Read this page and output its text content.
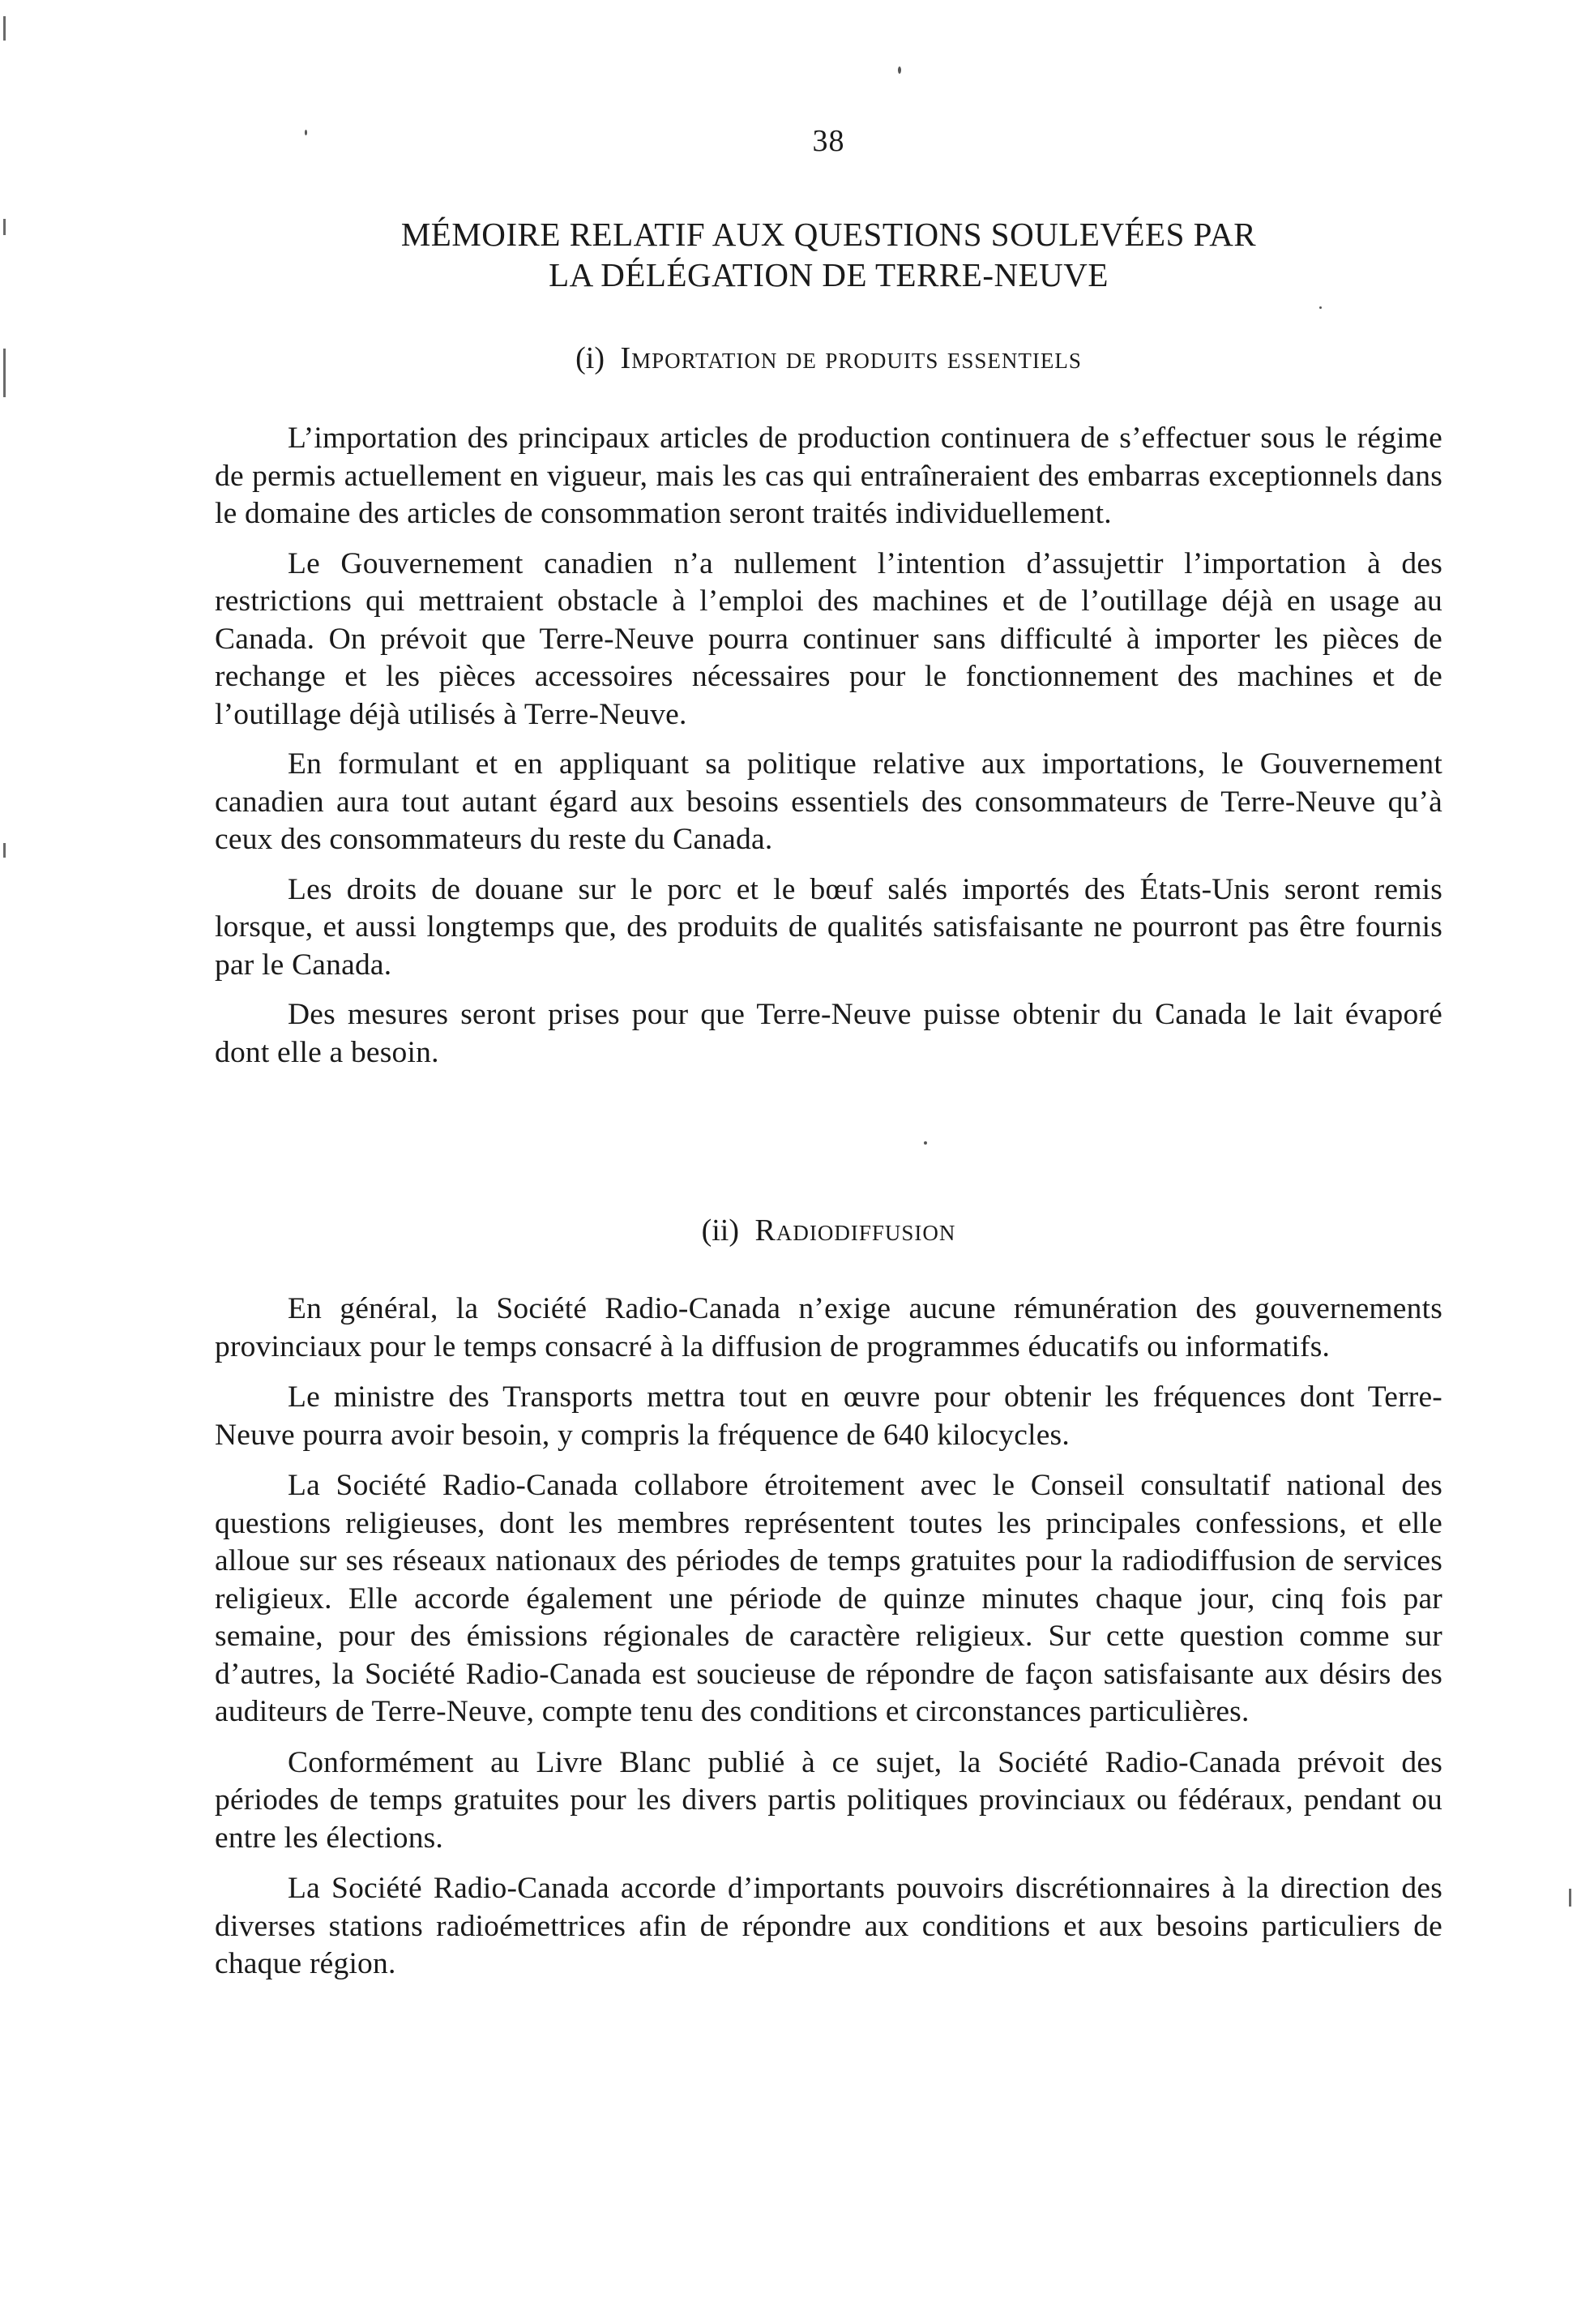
38
MÉMOIRE RELATIF AUX QUESTIONS SOULEVÉES PAR
LA DÉLÉGATION DE TERRE-NEUVE

(i) Importation de produits essentiels

L’importation des principaux articles de production continuera de s’effectuer sous le régime de permis actuellement en vigueur, mais les cas qui entraîneraient des embarras exceptionnels dans le domaine des articles de consommation seront traités individuellement.

Le Gouvernement canadien n’a nullement l’intention d’assujettir l’importation à des restrictions qui mettraient obstacle à l’emploi des machines et de l’outillage déjà en usage au Canada. On prévoit que Terre-Neuve pourra continuer sans difficulté à importer les pièces de rechange et les pièces accessoires nécessaires pour le fonctionnement des machines et de l’outillage déjà utilisés à Terre-Neuve.

En formulant et en appliquant sa politique relative aux importations, le Gouvernement canadien aura tout autant égard aux besoins essentiels des consommateurs de Terre-Neuve qu’à ceux des consommateurs du reste du Canada.

Les droits de douane sur le porc et le bœuf salés importés des États-Unis seront remis lorsque, et aussi longtemps que, des produits de qualités satisfaisante ne pourront pas être fournis par le Canada.

Des mesures seront prises pour que Terre-Neuve puisse obtenir du Canada le lait évaporé dont elle a besoin.

(ii) Radiodiffusion

En général, la Société Radio-Canada n’exige aucune rémunération des gouvernements provinciaux pour le temps consacré à la diffusion de programmes éducatifs ou informatifs.

Le ministre des Transports mettra tout en œuvre pour obtenir les fréquences dont Terre-Neuve pourra avoir besoin, y compris la fréquence de 640 kilocycles.

La Société Radio-Canada collabore étroitement avec le Conseil consultatif national des questions religieuses, dont les membres représentent toutes les principales confessions, et elle alloue sur ses réseaux nationaux des périodes de temps gratuites pour la radiodiffusion de services religieux. Elle accorde également une période de quinze minutes chaque jour, cinq fois par semaine, pour des émissions régionales de caractère religieux. Sur cette question comme sur d’autres, la Société Radio-Canada est soucieuse de répondre de façon satisfaisante aux désirs des auditeurs de Terre-Neuve, compte tenu des conditions et circonstances particulières.

Conformément au Livre Blanc publié à ce sujet, la Société Radio-Canada prévoit des périodes de temps gratuites pour les divers partis politiques provinciaux ou fédéraux, pendant ou entre les élections.

La Société Radio-Canada accorde d’importants pouvoirs discrétionnaires à la direction des diverses stations radioémettrices afin de répondre aux conditions et aux besoins particuliers de chaque région.
